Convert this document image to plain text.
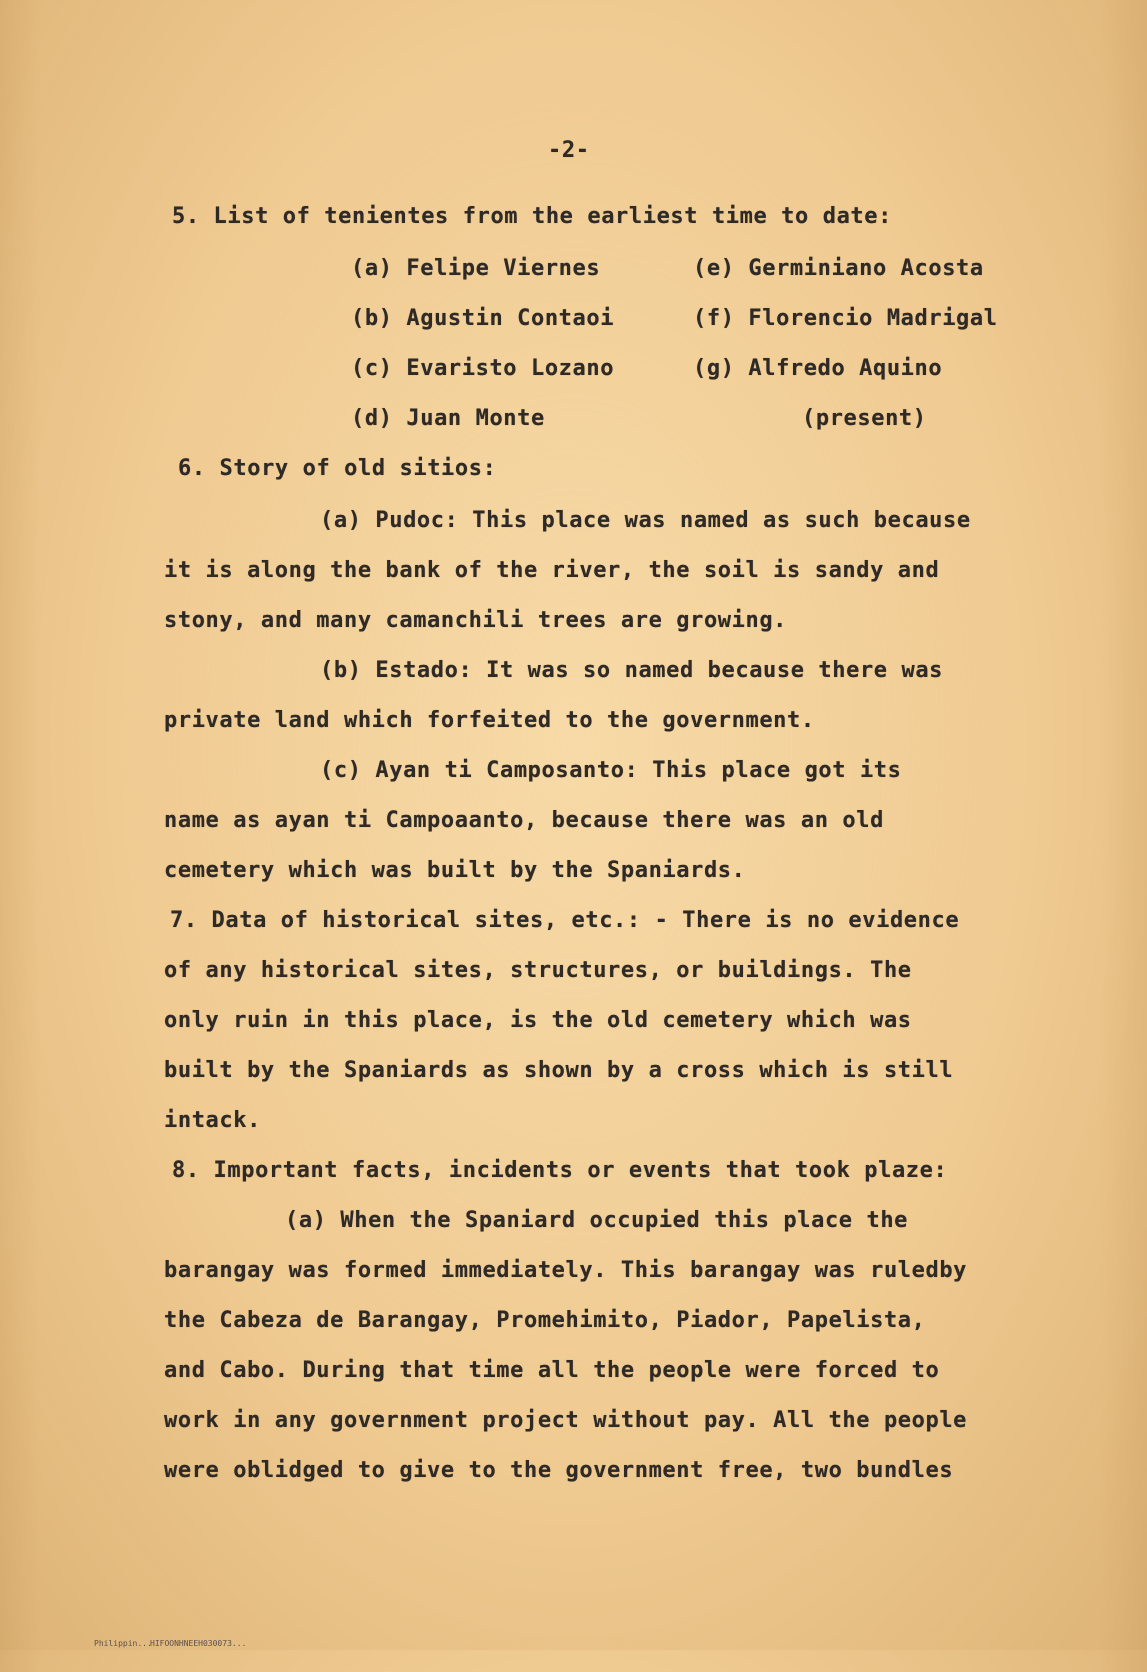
-2-
5. List of tenientes from the earliest time to date:
(a) Felipe Viernes
(b) Agustin Contaoi
(c) Evaristo Lozano
(d) Juan Monte
(e) Germiniano Acosta
(f) Florencio Madrigal
(g) Alfredo Aquino
(present)
6. Story of old sitios:
(a) Pudoc: This place was named as such because
it is along the bank of the river, the soil is sandy and
stony, and many camanchili trees are growing.
(b) Estado: It was so named because there was
private land which forfeited to the government.
(c) Ayan ti Camposanto: This place got its
name as ayan ti Campoaanto, because there was an old
cemetery which was built by the Spaniards.
7. Data of historical sites, etc.: - There is no evidence
of any historical sites, structures, or buildings. The
only ruin in this place, is the old cemetery which was
built by the Spaniards as shown by a cross which is still
intack.
8. Important facts, incidents or events that took plaze:
(a) When the Spaniard occupied this place the
barangay was formed immediately. This barangay was ruledby
the Cabeza de Barangay, Promehimito, Piador, Papelista,
and Cabo. During that time all the people were forced to
work in any government project without pay. All the people
were oblidged to give to the government free, two bundles

Philippin...

HIFOONHNEEH030073...
